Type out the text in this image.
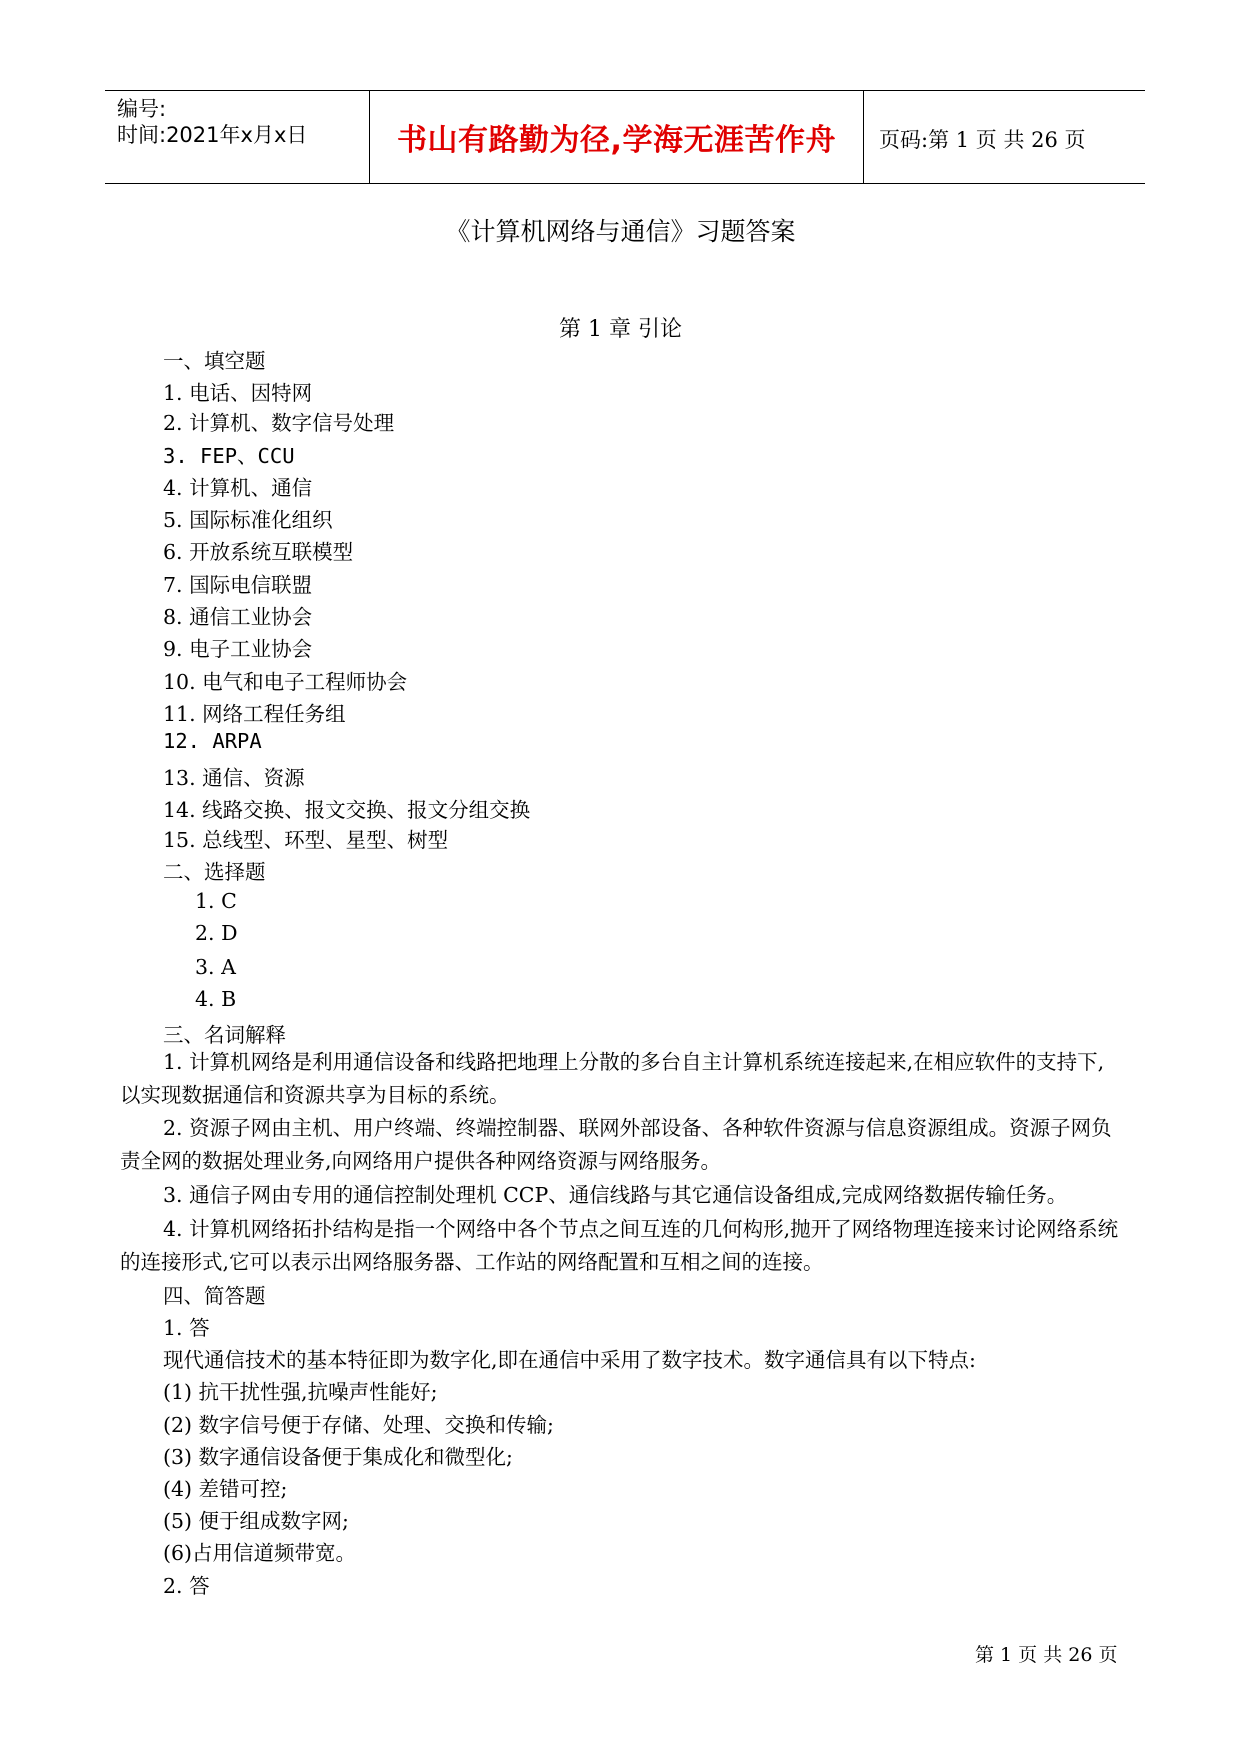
编号:
时间:2021年x月x日	书山有路勤为径,学海无涯苦作舟	页码:第 1 页 共 26 页
《计算机网络与通信》习题答案
第 1 章 引论
一、填空题
1. 电话、因特网
2. 计算机、数字信号处理
3. FEP、CCU
4. 计算机、通信
5. 国际标准化组织
6. 开放系统互联模型
7. 国际电信联盟
8. 通信工业协会
9. 电子工业协会
10. 电气和电子工程师协会
11. 网络工程任务组
12. ARPA
13. 通信、资源
14. 线路交换、报文交换、报文分组交换
15. 总线型、环型、星型、树型
二、选择题
1. C
2. D
3. A
4. B
三、名词解释
1. 计算机网络是利用通信设备和线路把地理上分散的多台自主计算机系统连接起来,在相应软件的支持下,以实现数据通信和资源共享为目标的系统。
2. 资源子网由主机、用户终端、终端控制器、联网外部设备、各种软件资源与信息资源组成。资源子网负责全网的数据处理业务,向网络用户提供各种网络资源与网络服务。
3. 通信子网由专用的通信控制处理机 CCP、通信线路与其它通信设备组成,完成网络数据传输任务。
4. 计算机网络拓扑结构是指一个网络中各个节点之间互连的几何构形,抛开了网络物理连接来讨论网络系统的连接形式,它可以表示出网络服务器、工作站的网络配置和互相之间的连接。
四、简答题
1. 答
现代通信技术的基本特征即为数字化,即在通信中采用了数字技术。数字通信具有以下特点:
(1) 抗干扰性强,抗噪声性能好;
(2) 数字信号便于存储、处理、交换和传输;
(3) 数字通信设备便于集成化和微型化;
(4) 差错可控;
(5) 便于组成数字网;
(6)占用信道频带宽。
2. 答
第 1 页 共 26 页
